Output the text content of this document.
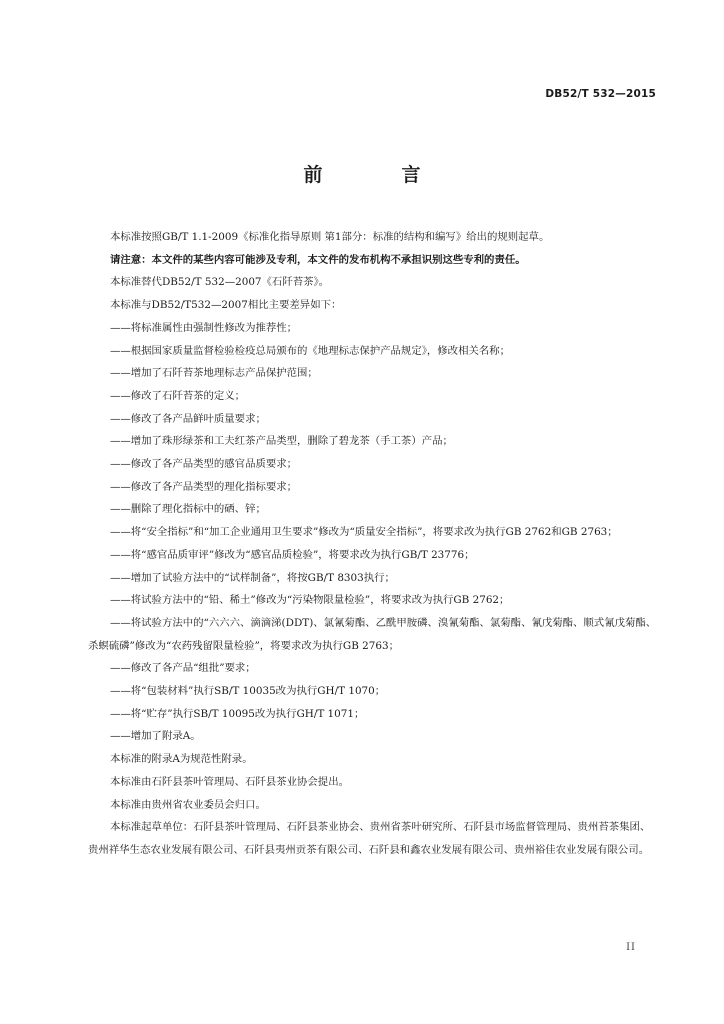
DB52/T 532—2015
前　言

本标准按照GB/T 1.1-2009《标准化指导原则 第1部分：标准的结构和编写》给出的规则起草。

请注意：本文件的某些内容可能涉及专利，本文件的发布机构不承担识别这些专利的责任。

本标准替代DB52/T 532—2007《石阡苔茶》。

本标准与DB52/T532—2007相比主要差异如下：

——将标准属性由强制性修改为推荐性；

——根据国家质量监督检验检疫总局颁布的《地理标志保护产品规定》，修改相关名称；

——增加了石阡苔茶地理标志产品保护范围；

——修改了石阡苔茶的定义；

——修改了各产品鲜叶质量要求；

——增加了珠形绿茶和工夫红茶产品类型，删除了碧龙茶（手工茶）产品；

——修改了各产品类型的感官品质要求；

——修改了各产品类型的理化指标要求；

——删除了理化指标中的硒、锌；

——将“安全指标”和“加工企业通用卫生要求”修改为“质量安全指标”，将要求改为执行GB 2762和GB 2763；

——将“感官品质审评”修改为“感官品质检验”，将要求改为执行GB/T 23776；

——增加了试验方法中的“试样制备”，将按GB/T 8303执行；

——将试验方法中的“铅、稀土”修改为“污染物限量检验”，将要求改为执行GB 2762；

——将试验方法中的“六六六、滴滴涕(DDT)、氯氰菊酯、乙酰甲胺磷、溴氰菊酯、氯菊酯、氰戊菊酯、顺式氰戊菊酯、杀螟硫磷”修改为“农药残留限量检验”，将要求改为执行GB 2763；

——修改了各产品“组批”要求；

——将“包装材料”执行SB/T 10035改为执行GH/T 1070；

——将“贮存”执行SB/T 10095改为执行GH/T 1071；

——增加了附录A。

本标准的附录A为规范性附录。

本标准由石阡县茶叶管理局、石阡县茶业协会提出。

本标准由贵州省农业委员会归口。

本标准起草单位：石阡县茶叶管理局、石阡县茶业协会、贵州省茶叶研究所、石阡县市场监督管理局、贵州苔茶集团、贵州祥华生态农业发展有限公司、石阡县夷州贡茶有限公司、石阡县和鑫农业发展有限公司、贵州裕佳农业发展有限公司。

II
